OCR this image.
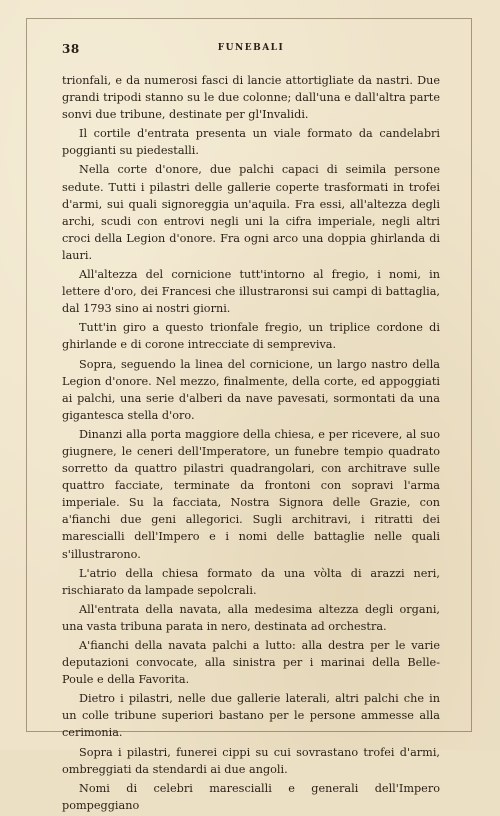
38	FUNEBALI

trionfali, e da numerosi fasci di lancie attortigliate da nastri. Due grandi tripodi stanno su le due colonne; dall'una e dall'altra parte sonvi due tribune, destinate per gl'Invalidi.

Il cortile d'entrata presenta un viale formato da candelabri poggianti su piedestalli.

Nella corte d'onore, due palchi capaci di seimila persone sedute. Tutti i pilastri delle gallerie coperte trasformati in trofei d'armi, sui quali signoreggia un'aquila. Fra essi, all'altezza degli archi, scudi con entrovi negli uni la cifra imperiale, negli altri croci della Legion d'onore. Fra ogni arco una doppia ghirlanda di lauri.

All'altezza del cornicione tutt'intorno al fregio, i nomi, in lettere d'oro, dei Francesi che illustraronsi sui campi di battaglia, dal 1793 sino ai nostri giorni.

Tutt'in giro a questo trionfale fregio, un triplice cordone di ghirlande e di corone intrecciate di sempreviva.

Sopra, seguendo la linea del cornicione, un largo nastro della Legion d'onore. Nel mezzo, finalmente, della corte, ed appoggiati ai palchi, una serie d'alberi da nave pavesati, sormontati da una gigantesca stella d'oro.

Dinanzi alla porta maggiore della chiesa, e per ricevere, al suo giugnere, le ceneri dell'Imperatore, un funebre tempio quadrato sorretto da quattro pilastri quadrangolari, con architrave sulle quattro facciate, terminate da frontoni con sopravi l'arma imperiale. Su la facciata, Nostra Signora delle Grazie, con a'fianchi due geni allegorici. Sugli architravi, i ritratti dei marescialli dell'Impero e i nomi delle battaglie nelle quali s'illustrarono.

L'atrio della chiesa formato da una vòlta di arazzi neri, rischiarato da lampade sepolcrali.

All'entrata della navata, alla medesima altezza degli organi, una vasta tribuna parata in nero, destinata ad orchestra.

A'fianchi della navata palchi a lutto: alla destra per le varie deputazioni convocate, alla sinistra per i marinai della Belle-Poule e della Favorita.

Dietro i pilastri, nelle due gallerie laterali, altri palchi che in un colle tribune superiori bastano per le persone ammesse alla cerimonia.

Sopra i pilastri, funerei cippi su cui sovrastano trofei d'armi, ombreggiati da stendardi ai due angoli.

Nomi di celebri marescialli e generali dell'Impero pompeggiano
